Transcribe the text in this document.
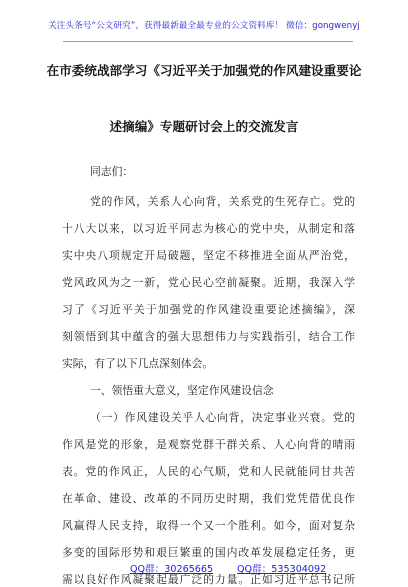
关注头条号“公文研究”，获得最新最全最专业的公文资料库！ 微信：gongwenyj
在市委统战部学习《习近平关于加强党的作风建设重要论
述摘编》专题研讨会上的交流发言
同志们：
党的作风，关系人心向背，关系党的生死存亡。党的
十八大以来，以习近平同志为核心的党中央，从制定和落
实中央八项规定开局破题，坚定不移推进全面从严治党，
党风政风为之一新，党心民心空前凝聚。近期，我深入学
习了《习近平关于加强党的作风建设重要论述摘编》，深
刻领悟到其中蕴含的强大思想伟力与实践指引，结合工作
实际，有了以下几点深刻体会。
一、领悟重大意义，坚定作风建设信念
（一）作风建设关乎人心向背，决定事业兴衰。党的
作风是党的形象，是观察党群干群关系、人心向背的晴雨
表。党的作风正，人民的心气顺，党和人民就能同甘共苦
在革命、建设、改革的不同历史时期，我们党凭借优良作
风赢得人民支持，取得一个又一个胜利。如今，面对复杂
多变的国际形势和艰巨繁重的国内改革发展稳定任务，更
需以良好作风凝聚起最广泛的力量。正如习近平总书记所
QQ群：30265665 QQ群：535304092
